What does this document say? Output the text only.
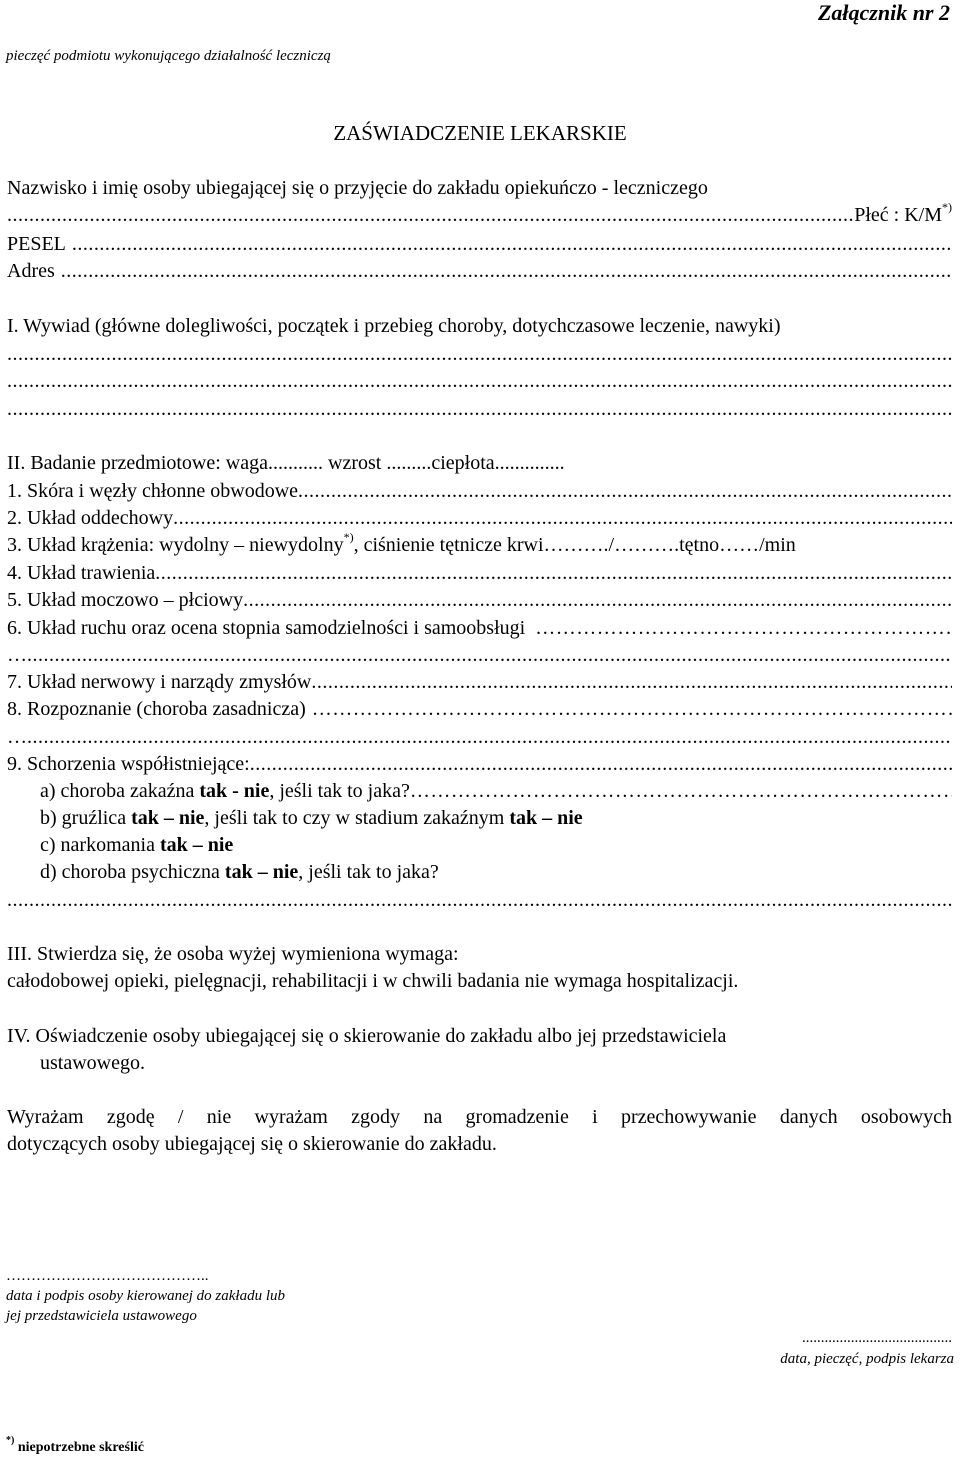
Załącznik nr 2
pieczęć podmiotu wykonującego działalność leczniczą
ZAŚWIADCZENIE LEKARSKIE
Nazwisko i imię osoby ubiegającej się o przyjęcie do zakładu opiekuńczo - leczniczego
.....
Płeć : K/M*)
PESEL
.....
Adres
.....
I. Wywiad (główne dolegliwości, początek i przebieg choroby, dotychczasowe leczenie, nawyki)
.....
.....
.....
II. Badanie przedmiotowe: waga........... wzrost .........ciepłota..............
1. Skóra i węzły chłonne obwodowe
.....
2. Układ oddechowy
.....
3. Układ krążenia: wydolny – niewydolny*), ciśnienie tętnicze krwi………./……….tętno……/min
4. Układ trawienia
.....
5. Układ moczowo – płciowy
.....
6. Układ ruchu oraz ocena stopnia samodzielności i samoobsługi
…………………………………………………………………………………………………………………………………………………………………………………………………
…
.....
7. Układ nerwowy i narządy zmysłów
.....
8. Rozpoznanie (choroba zasadnicza)
…………………………………………………………………………………………………………………………………………………………………………………………………
…
.....
9. Schorzenia współistniejące:
.....
a) choroba zakaźna tak - nie, jeśli tak to jaka?
…………………………………………………………………………………………………………………………………………………………………………………………………
b) gruźlica tak – nie, jeśli tak to czy w stadium zakaźnym tak – nie
c) narkomania tak – nie
d) choroba psychiczna tak – nie, jeśli tak to jaka?
.....
III. Stwierdza się, że osoba wyżej wymieniona wymaga:
całodobowej opieki, pielęgnacji, rehabilitacji i w chwili badania nie wymaga hospitalizacji.
IV. Oświadczenie osoby ubiegającej się o skierowanie do zakładu albo jej przedstawiciela
ustawowego.
Wyrażam zgodę / nie wyrażam zgody na gromadzenie i przechowywanie danych osobowych
dotyczących osoby ubiegającej się o skierowanie do zakładu.
…………………………………..
data i podpis osoby kierowanej do zakładu lub
jej przedstawiciela ustawowego
........................................
data, pieczęć, podpis lekarza
*) niepotrzebne skreślić
